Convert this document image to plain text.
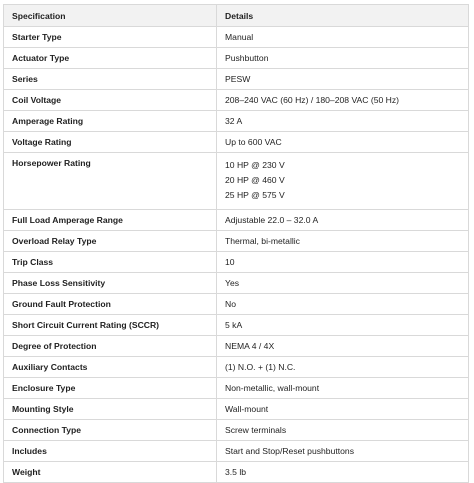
Specification	Details
Starter Type	Manual
Actuator Type	Pushbutton
Series	PESW
Coil Voltage	208–240 VAC (60 Hz) / 180–208 VAC (50 Hz)
Amperage Rating	32 A
Voltage Rating	Up to 600 VAC
Horsepower Rating	10 HP @ 230 V
20 HP @ 460 V
25 HP @ 575 V

Full Load Amperage Range	Adjustable 22.0 – 32.0 A
Overload Relay Type	Thermal, bi-metallic
Trip Class	10
Phase Loss Sensitivity	Yes
Ground Fault Protection	No
Short Circuit Current Rating (SCCR)	5 kA
Degree of Protection	NEMA 4 / 4X
Auxiliary Contacts	(1) N.O. + (1) N.C.
Enclosure Type	Non-metallic, wall-mount
Mounting Style	Wall-mount
Connection Type	Screw terminals
Includes	Start and Stop/Reset pushbuttons
Weight	3.5 lb
